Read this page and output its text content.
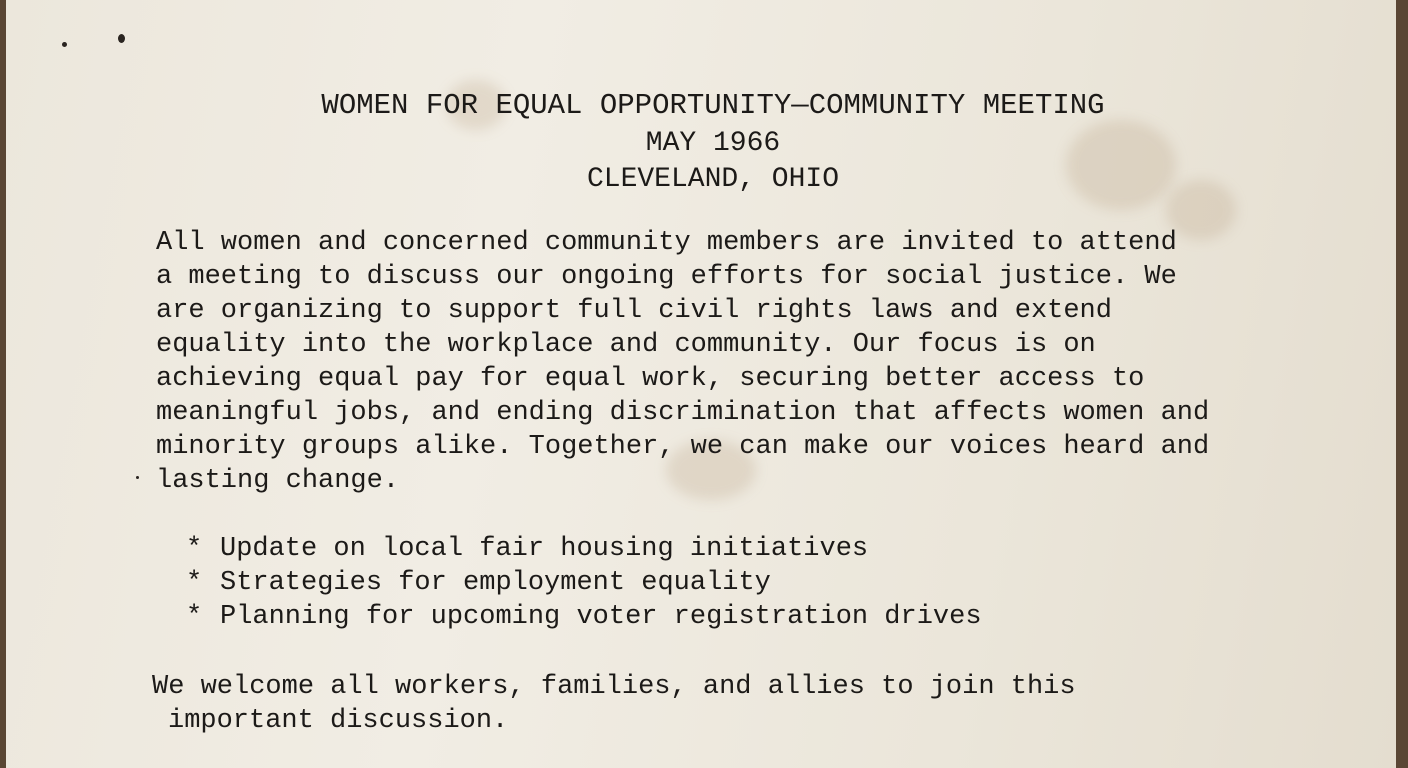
WOMEN FOR EQUAL OPPORTUNITY—COMMUNITY MEETING
MAY 1966
CLEVELAND, OHIO
All women and concerned community members are invited to attend
a meeting to discuss our ongoing efforts for social justice. We
are organizing to support full civil rights laws and extend
equality into the workplace and community. Our focus is on
achieving equal pay for equal work, securing better access to
meaningful jobs, and ending discrimination that affects women and
minority groups alike. Together, we can make our voices heard and
lasting change.
* Update on local fair housing initiatives
* Strategies for employment equality
* Planning for upcoming voter registration drives
We welcome all workers, families, and allies to join this
important discussion.
